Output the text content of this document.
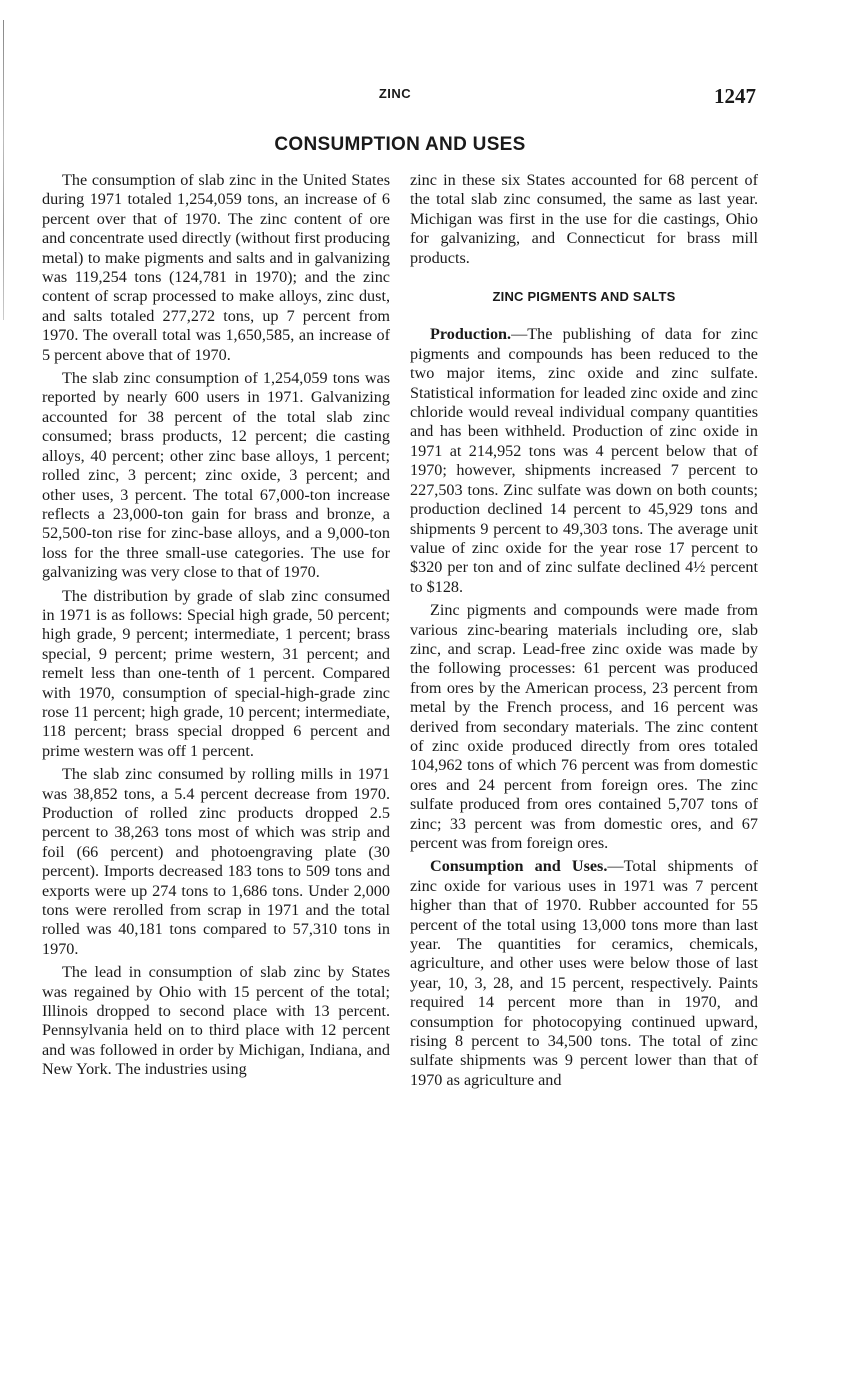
ZINC	1247
CONSUMPTION AND USES

The consumption of slab zinc in the United States during 1971 totaled 1,254,059 tons, an increase of 6 percent over that of 1970. The zinc content of ore and concentrate used directly (without first producing metal) to make pigments and salts and in galvanizing was 119,254 tons (124,781 in 1970); and the zinc content of scrap processed to make alloys, zinc dust, and salts totaled 277,272 tons, up 7 percent from 1970. The overall total was 1,650,585, an increase of 5 percent above that of 1970.

The slab zinc consumption of 1,254,059 tons was reported by nearly 600 users in 1971. Galvanizing accounted for 38 percent of the total slab zinc consumed; brass products, 12 percent; die casting alloys, 40 percent; other zinc base alloys, 1 percent; rolled zinc, 3 percent; zinc oxide, 3 percent; and other uses, 3 percent. The total 67,000-ton increase reflects a 23,000-ton gain for brass and bronze, a 52,500-ton rise for zinc-base alloys, and a 9,000-ton loss for the three small-use categories. The use for galvanizing was very close to that of 1970.

The distribution by grade of slab zinc consumed in 1971 is as follows: Special high grade, 50 percent; high grade, 9 percent; intermediate, 1 percent; brass special, 9 percent; prime western, 31 percent; and remelt less than one-tenth of 1 percent. Compared with 1970, consumption of special-high-grade zinc rose 11 percent; high grade, 10 percent; intermediate, 118 percent; brass special dropped 6 percent and prime western was off 1 percent.

The slab zinc consumed by rolling mills in 1971 was 38,852 tons, a 5.4 percent decrease from 1970. Production of rolled zinc products dropped 2.5 percent to 38,263 tons most of which was strip and foil (66 percent) and photoengraving plate (30 percent). Imports decreased 183 tons to 509 tons and exports were up 274 tons to 1,686 tons. Under 2,000 tons were rerolled from scrap in 1971 and the total rolled was 40,181 tons compared to 57,310 tons in 1970.

The lead in consumption of slab zinc by States was regained by Ohio with 15 percent of the total; Illinois dropped to second place with 13 percent. Pennsylvania held on to third place with 12 percent and was followed in order by Michigan, Indiana, and New York. The industries using

zinc in these six States accounted for 68 percent of the total slab zinc consumed, the same as last year. Michigan was first in the use for die castings, Ohio for galvanizing, and Connecticut for brass mill products.

ZINC PIGMENTS AND SALTS

Production.—The publishing of data for zinc pigments and compounds has been reduced to the two major items, zinc oxide and zinc sulfate. Statistical information for leaded zinc oxide and zinc chloride would reveal individual company quantities and has been withheld. Production of zinc oxide in 1971 at 214,952 tons was 4 percent below that of 1970; however, shipments increased 7 percent to 227,503 tons. Zinc sulfate was down on both counts; production declined 14 percent to 45,929 tons and shipments 9 percent to 49,303 tons. The average unit value of zinc oxide for the year rose 17 percent to $320 per ton and of zinc sulfate declined 4½ percent to $128.

Zinc pigments and compounds were made from various zinc-bearing materials including ore, slab zinc, and scrap. Lead-free zinc oxide was made by the following processes: 61 percent was produced from ores by the American process, 23 percent from metal by the French process, and 16 percent was derived from secondary materials. The zinc content of zinc oxide produced directly from ores totaled 104,962 tons of which 76 percent was from domestic ores and 24 percent from foreign ores. The zinc sulfate produced from ores contained 5,707 tons of zinc; 33 percent was from domestic ores, and 67 percent was from foreign ores.

Consumption and Uses.—Total shipments of zinc oxide for various uses in 1971 was 7 percent higher than that of 1970. Rubber accounted for 55 percent of the total using 13,000 tons more than last year. The quantities for ceramics, chemicals, agriculture, and other uses were below those of last year, 10, 3, 28, and 15 percent, respectively. Paints required 14 percent more than in 1970, and consumption for photocopying continued upward, rising 8 percent to 34,500 tons. The total of zinc sulfate shipments was 9 percent lower than that of 1970 as agriculture and
